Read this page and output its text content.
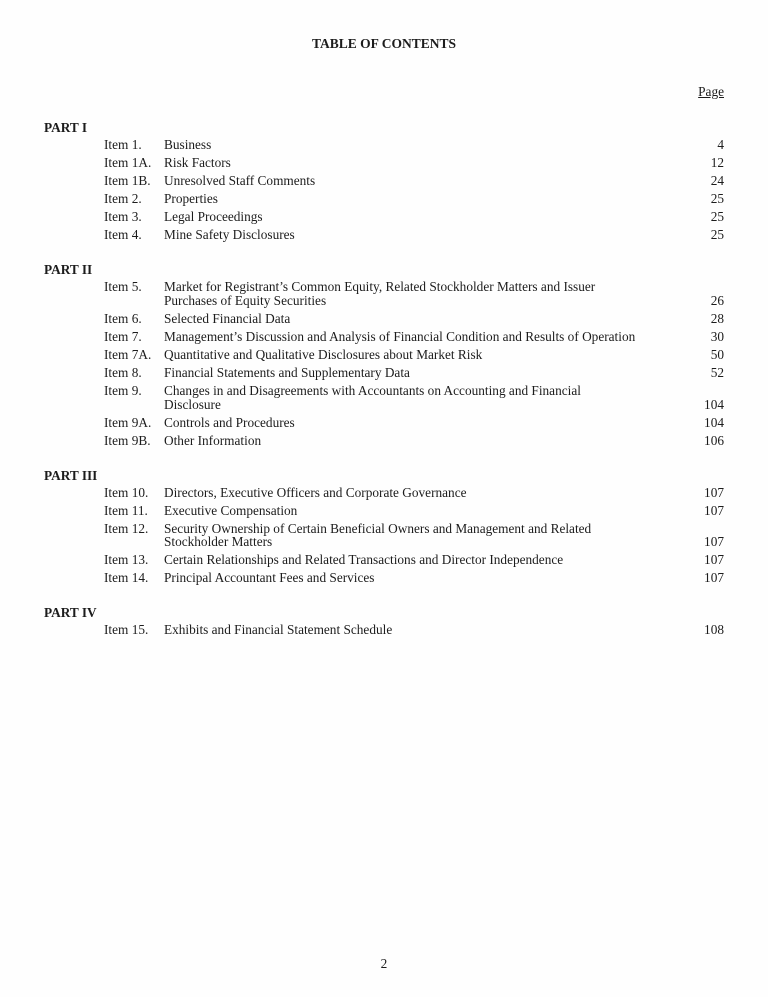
TABLE OF CONTENTS
Page
PART I
Item 1.	Business	4
Item 1A. Risk Factors	12
Item 1B.	Unresolved Staff Comments	24
Item 2.	Properties	25
Item 3.	Legal Proceedings	25
Item 4.	Mine Safety Disclosures	25
PART II
Item 5.	Market for Registrant’s Common Equity, Related Stockholder Matters and Issuer Purchases of Equity Securities	26
Item 6.	Selected Financial Data	28
Item 7.	Management’s Discussion and Analysis of Financial Condition and Results of Operation	30
Item 7A. Quantitative and Qualitative Disclosures about Market Risk	50
Item 8.	Financial Statements and Supplementary Data	52
Item 9.	Changes in and Disagreements with Accountants on Accounting and Financial Disclosure	104
Item 9A. Controls and Procedures	104
Item 9B.	Other Information	106
PART III
Item 10.	Directors, Executive Officers and Corporate Governance	107
Item 11.	Executive Compensation	107
Item 12.	Security Ownership of Certain Beneficial Owners and Management and Related Stockholder Matters	107
Item 13.	Certain Relationships and Related Transactions and Director Independence	107
Item 14.	Principal Accountant Fees and Services	107
PART IV
Item 15.	Exhibits and Financial Statement Schedule	108
2
